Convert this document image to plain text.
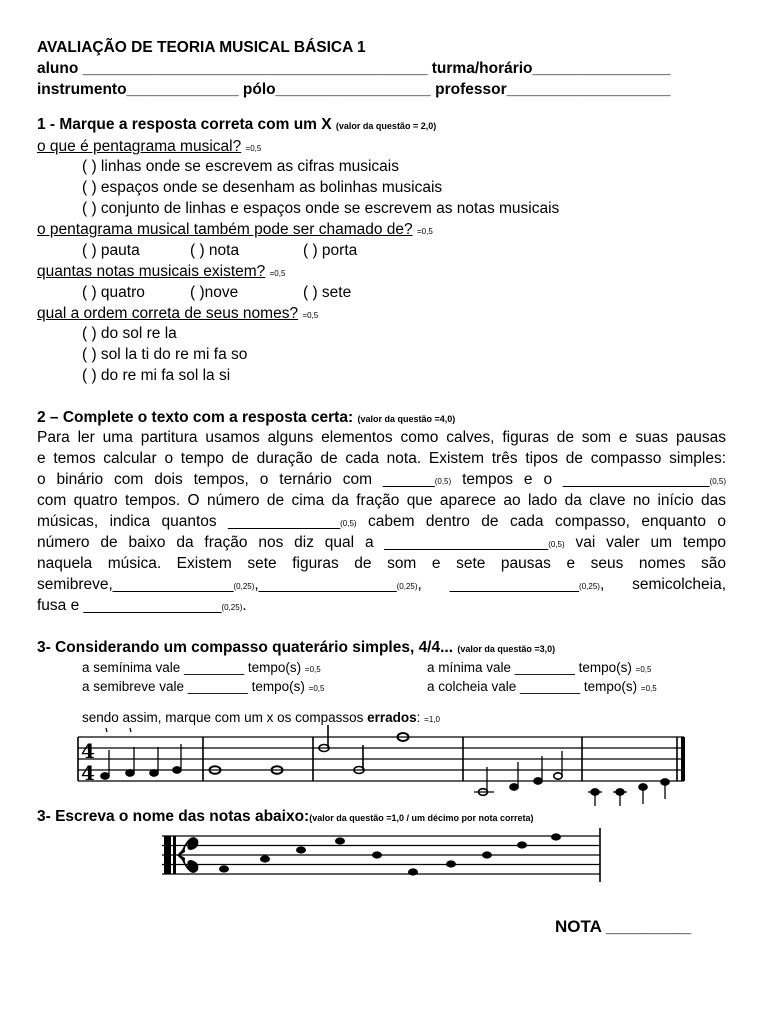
AVALIAÇÃO DE TEORIA MUSICAL BÁSICA 1
aluno ________________________________________ turma/horário________________
instrumento_____________ pólo__________________ professor___________________
1 - Marque a resposta correta com um X (valor da questão = 2,0)
o que é pentagrama musical? =0,5
( ) linhas onde se escrevem as cifras musicais
( ) espaços onde se desenham as bolinhas musicais
( ) conjunto de linhas e espaços onde se escrevem as notas musicais
o pentagrama musical também pode ser chamado de? =0,5
( ) pauta	( ) nota	( ) porta
quantas notas musicais existem? =0,5
( ) quatro	( )nove	( ) sete
qual a ordem correta de seus nomes? =0,5
( ) do sol re la
( ) sol la ti do re mi fa so
( ) do re mi fa sol la si
2 – Complete o texto com a resposta certa: (valor da questão =4,0)
Para ler uma partitura usamos alguns elementos como calves, figuras de som e suas pausas
e temos calcular o tempo de duração de cada nota. Existem três tipos de compasso simples:
o binário com dois tempos, o ternário com ______(0,5) tempos e o _________________(0,5)
com quatro tempos. O número de cima da fração que aparece ao lado da clave no início das
músicas, indica quantos _____________(0,5) cabem dentro de cada compasso, enquanto o
número de baixo da fração nos diz qual a ___________________(0,5) vai valer um tempo
naquela música. Existem sete figuras de som e sete pausas e seus nomes são
semibreve,______________(0,25),________________(0,25), _______________(0,25), semicolcheia,
fusa e ________________(0,25).
3- Considerando um compasso quaterário simples, 4/4... (valor da questão =3,0)
a semínima vale ________ tempo(s) =0,5	a mínima vale ________ tempo(s) =0,5
a semibreve vale ________ tempo(s) =0,5	a colcheia vale ________ tempo(s) =0,5
sendo assim, marque com um x os compassos errados: =1,0
4
4
3- Escreva o nome das notas abaixo:(valor da questão =1,0 / um décimo por nota correta)
NOTA _________
